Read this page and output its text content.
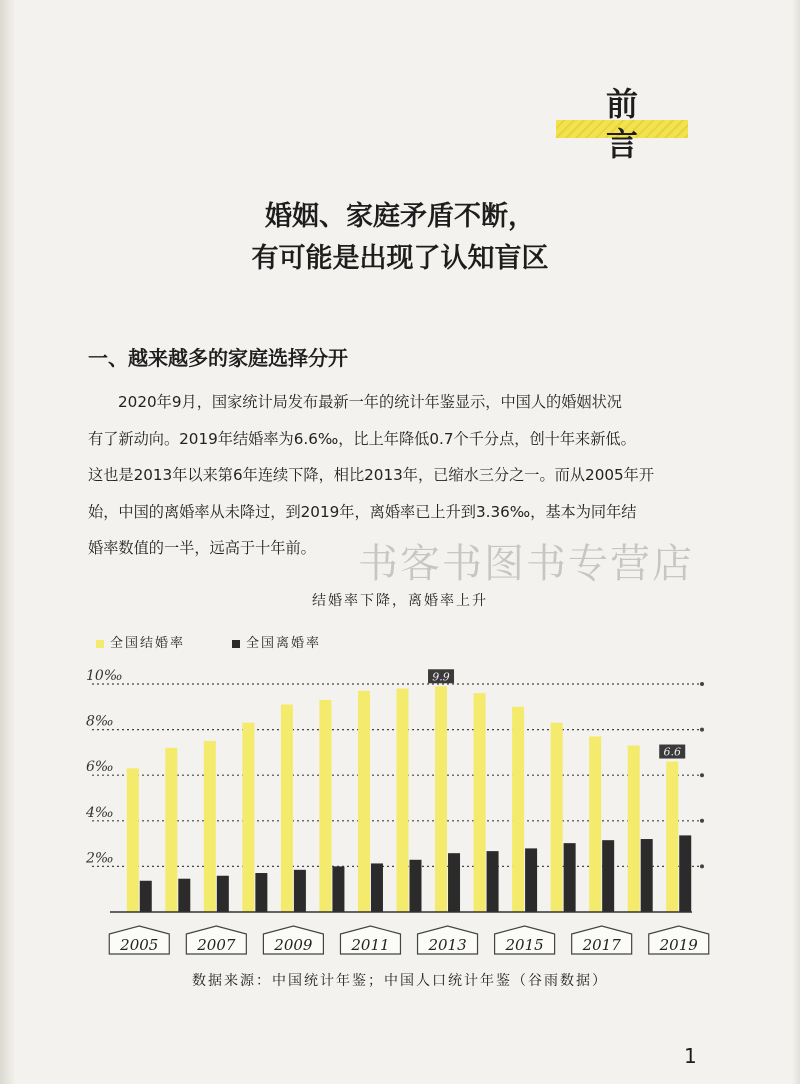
前言
婚姻、家庭矛盾不断，
有可能是出现了认知盲区
一、越来越多的家庭选择分开
2020年9月，国家统计局发布最新一年的统计年鉴显示，中国人的婚姻状况
有了新动向。2019年结婚率为6.6‰，比上年降低0.7个千分点，创十年来新低。
这也是2013年以来第6年连续下降，相比2013年，已缩水三分之一。而从2005年开
始，中国的离婚率从未降过，到2019年，离婚率已上升到3.36‰，基本为同年结
婚率数值的一半，远高于十年前。	书客书图书专营店
结婚率下降，离婚率上升
全国结婚率	全国离婚率
2‰
4‰
6‰
8‰
10‰	9.9
6.6
2005	2007	2009	2011	2013	2015	2017	2019
数据来源：中国统计年鉴；中国人口统计年鉴（谷雨数据）
1
